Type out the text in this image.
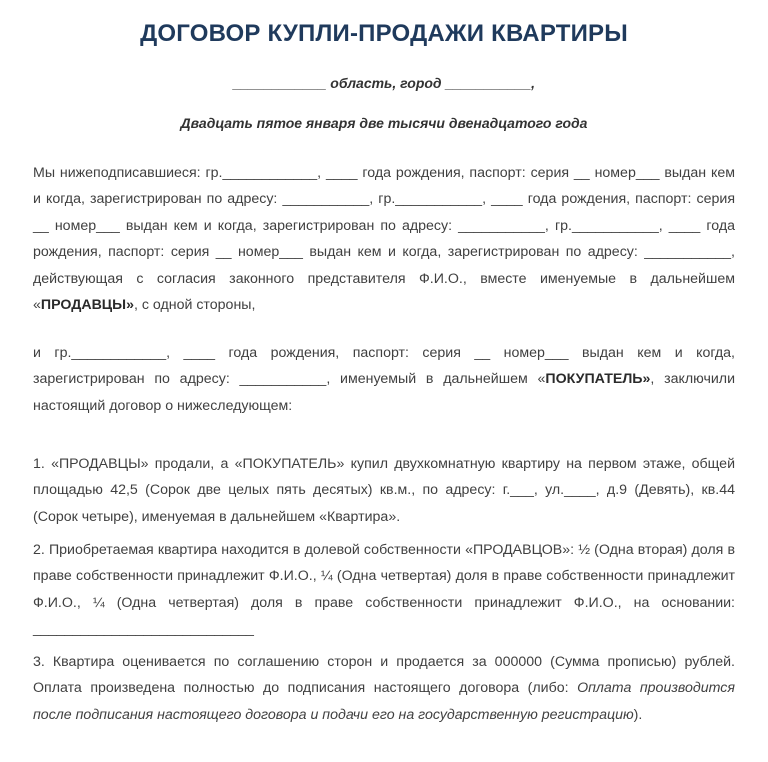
ДОГОВОР КУПЛИ-ПРОДАЖИ КВАРТИРЫ
____________ область, город ___________,
Двадцать пятое января две тысячи двенадцатого года

Мы нижеподписавшиеся: гр.____________, ____ года рождения, паспорт: серия __ номер___ выдан кем и когда, зарегистрирован по адресу: ___________, гр.___________, ____ года рождения, паспорт: серия __ номер___ выдан кем и когда, зарегистрирован по адресу: ___________, гр.___________, ____ года рождения, паспорт: серия __ номер___ выдан кем и когда, зарегистрирован по адресу: ___________, действующая с согласия законного представителя Ф.И.О., вместе именуемые в дальнейшем «ПРОДАВЦЫ», с одной стороны,

и гр.____________, ____ года рождения, паспорт: серия __ номер___ выдан кем и когда, зарегистрирован по адресу: ___________, именуемый в дальнейшем «ПОКУПАТЕЛЬ», заключили настоящий договор о нижеследующем:

1. «ПРОДАВЦЫ» продали, а «ПОКУПАТЕЛЬ» купил двухкомнатную квартиру на первом этаже, общей площадью 42,5 (Сорок две целых пять десятых) кв.м., по адресу: г.___, ул.____, д.9 (Девять), кв.44 (Сорок четыре), именуемая в дальнейшем «Квартира».

2. Приобретаемая квартира находится в долевой собственности «ПРОДАВЦОВ»: ½ (Одна вторая) доля в праве собственности принадлежит Ф.И.О., ¼ (Одна четвертая) доля в праве собственности принадлежит Ф.И.О., ¼ (Одна четвертая) доля в праве собственности принадлежит Ф.И.О., на основании: ____________________________

3. Квартира оценивается по соглашению сторон и продается за 000000 (Сумма прописью) рублей. Оплата произведена полностью до подписания настоящего договора (либо: Оплата производится после подписания настоящего договора и подачи его на государственную регистрацию).
